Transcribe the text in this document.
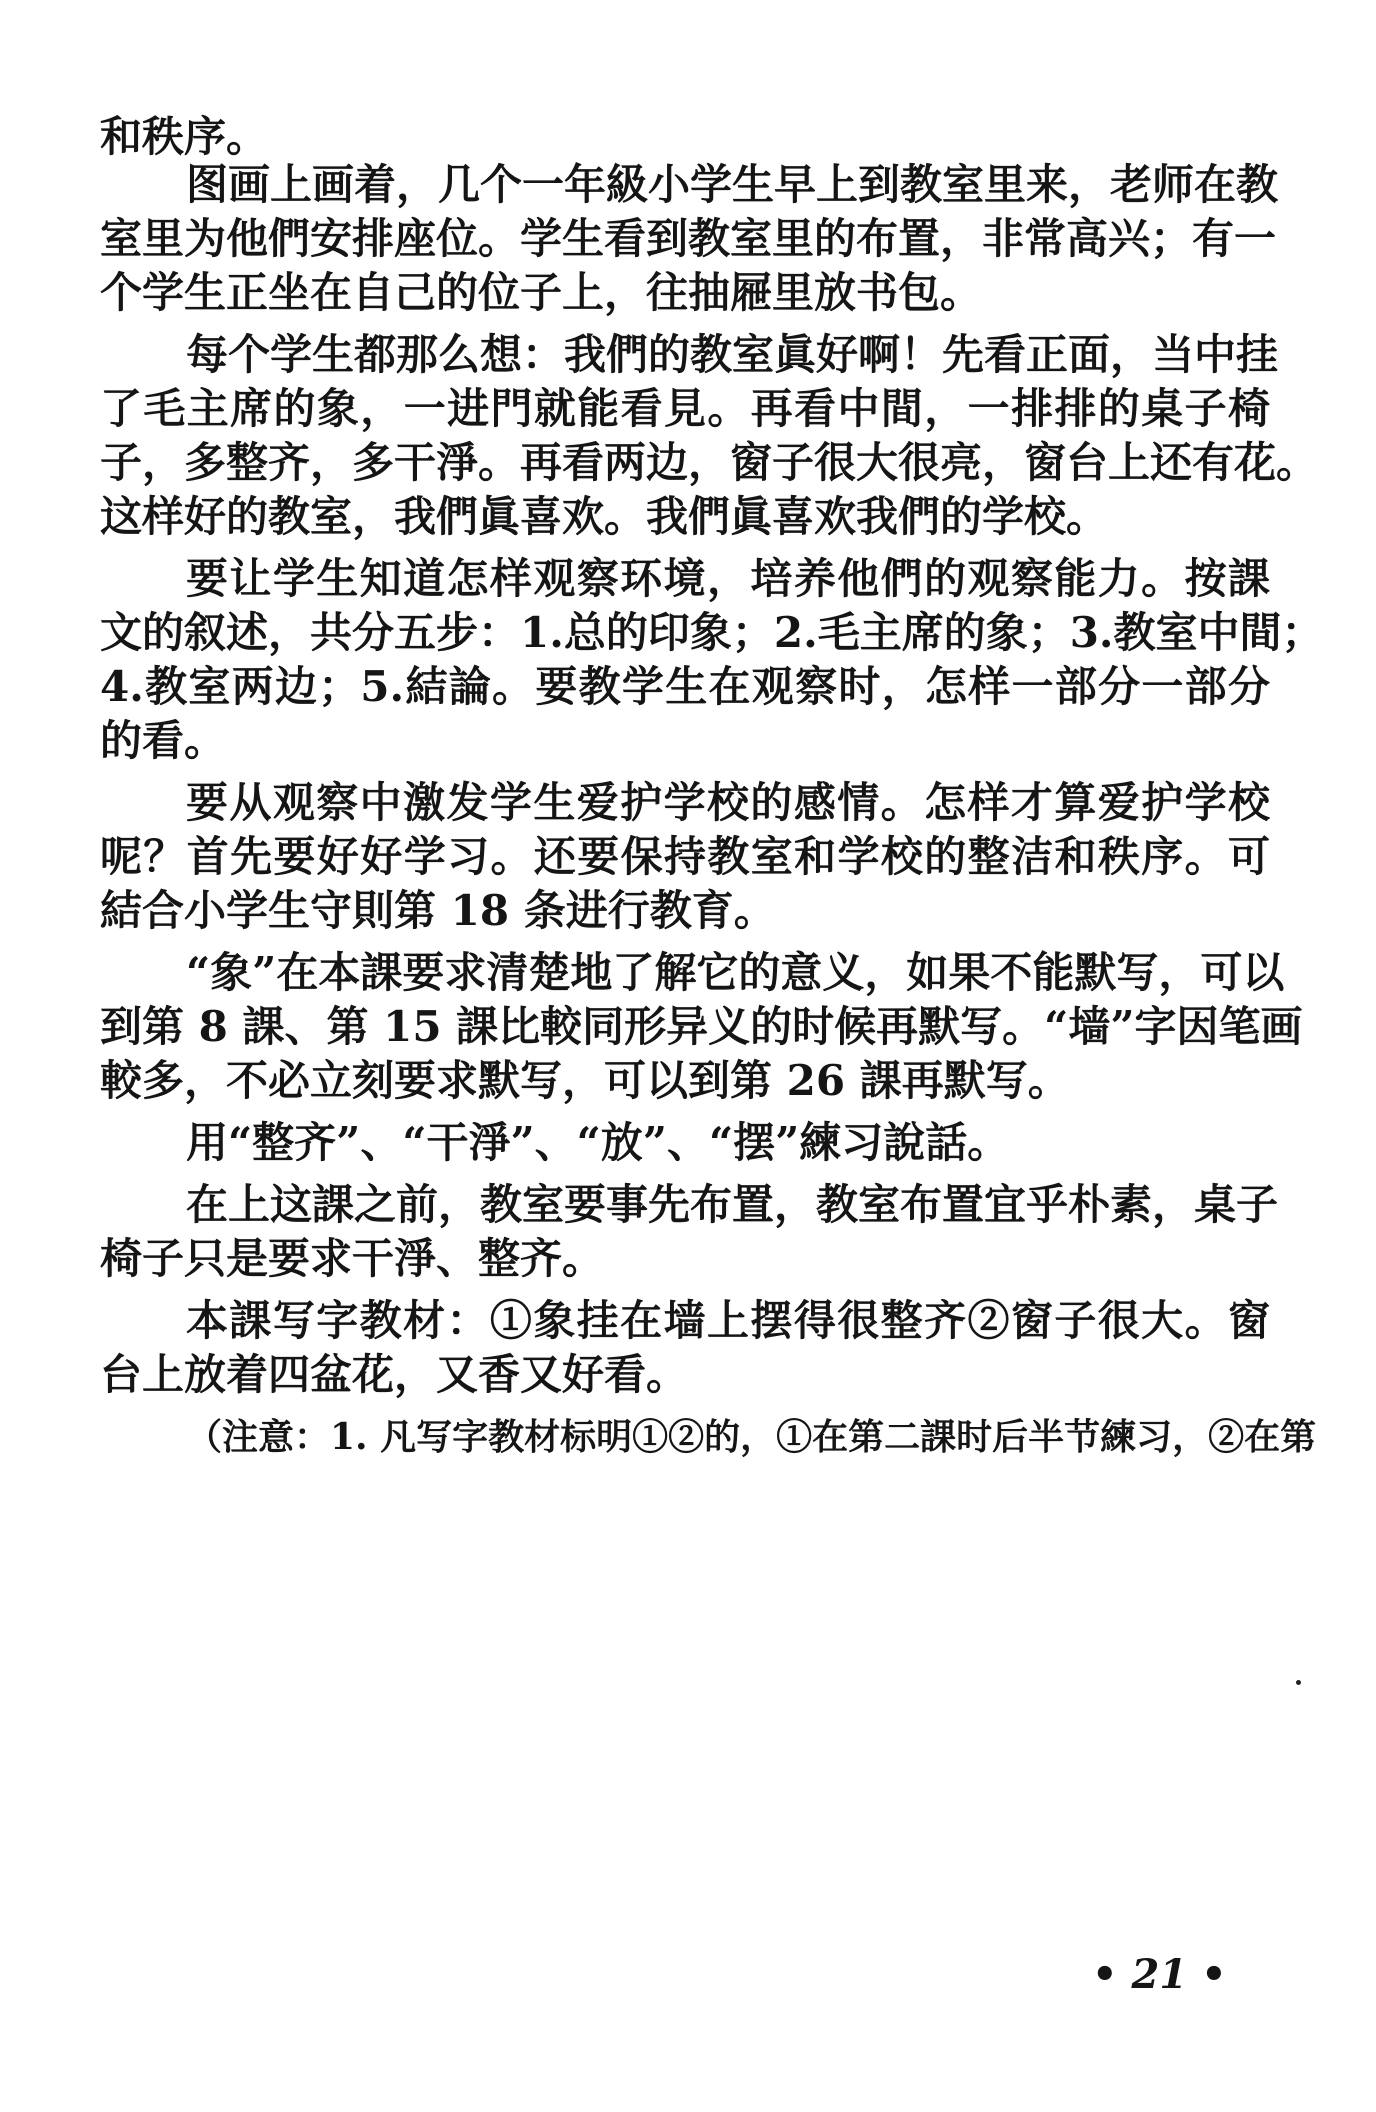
和秩序。
图画上画着，几个一年級小学生早上到教室里来，老师在教
室里为他們安排座位。学生看到教室里的布置，非常高兴；有一
个学生正坐在自己的位子上，往抽屜里放书包。
每个学生都那么想：我們的教室眞好啊！先看正面，当中挂
了毛主席的象，一进門就能看見。再看中間，一排排的桌子椅
子，多整齐，多干淨。再看两边，窗子很大很亮，窗台上还有花。
这样好的教室，我們眞喜欢。我們眞喜欢我們的学校。
要让学生知道怎样观察环境，培养他們的观察能力。按課
文的叙述，共分五步：1.总的印象；2.毛主席的象；3.教室中間；
4.教室两边；5.結論。要教学生在观察时，怎样一部分一部分
的看。
要从观察中激发学生爱护学校的感情。怎样才算爱护学校
呢？首先要好好学习。还要保持教室和学校的整洁和秩序。可
結合小学生守則第 18 条进行教育。
“象”在本課要求清楚地了解它的意义，如果不能默写，可以
到第 8 課、第 15 課比較同形异义的时候再默写。“墙”字因笔画
較多，不必立刻要求默写，可以到第 26 課再默写。
用“整齐”、“干淨”、“放”、“摆”練习說話。
在上这課之前，教室要事先布置，教室布置宜乎朴素，桌子
椅子只是要求干淨、整齐。
本課写字教材：①象挂在墙上摆得很整齐②窗子很大。窗
台上放着四盆花，又香又好看。
（注意：1. 凡写字教材标明①②的，①在第二課时后半节練习，②在第
• 21 •
